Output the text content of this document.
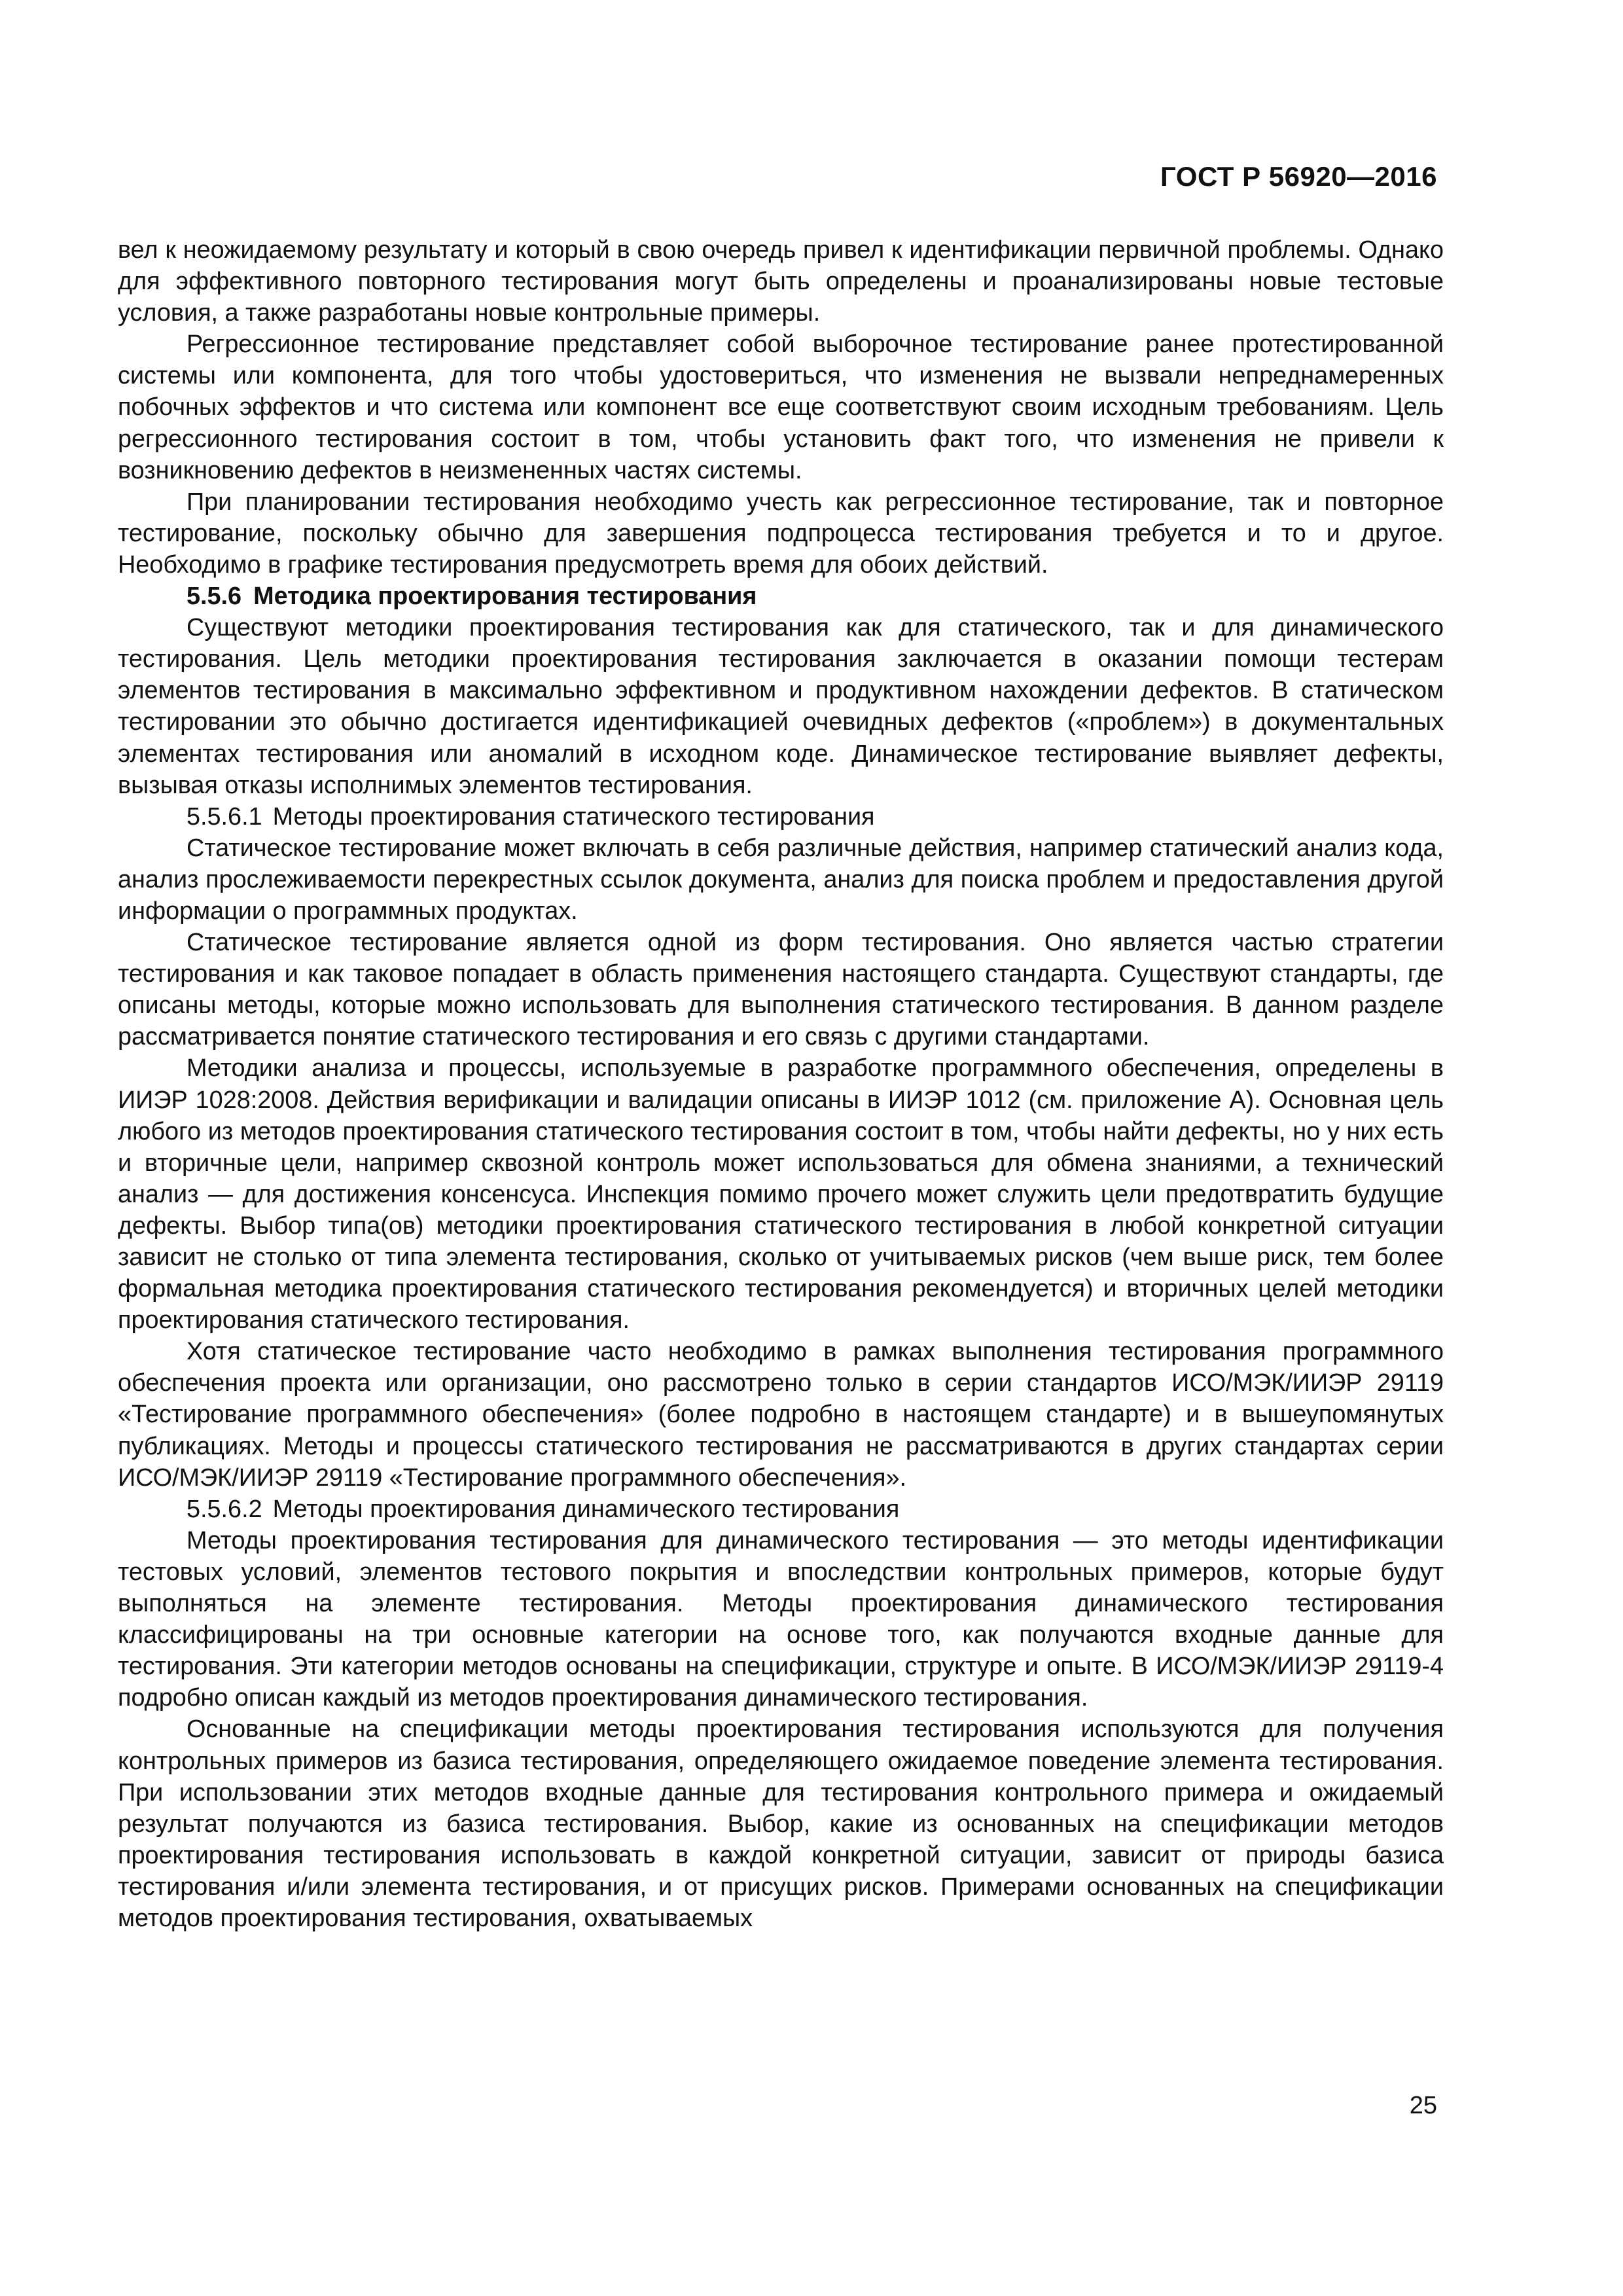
ГОСТ Р 56920—2016

вел к неожидаемому результату и который в свою очередь привел к идентификации первичной проблемы. Однако для эффективного повторного тестирования могут быть определены и проанализированы новые тестовые условия, а также разработаны новые контрольные примеры.

Регрессионное тестирование представляет собой выборочное тестирование ранее протестированной системы или компонента, для того чтобы удостовериться, что изменения не вызвали непреднамеренных побочных эффектов и что система или компонент все еще соответствуют своим исходным требованиям. Цель регрессионного тестирования состоит в том, чтобы установить факт того, что изменения не привели к возникновению дефектов в неизмененных частях системы.

При планировании тестирования необходимо учесть как регрессионное тестирование, так и повторное тестирование, поскольку обычно для завершения подпроцесса тестирования требуется и то и другое. Необходимо в графике тестирования предусмотреть время для обоих действий.

5.5.6 Методика проектирования тестирования

Существуют методики проектирования тестирования как для статического, так и для динамического тестирования. Цель методики проектирования тестирования заключается в оказании помощи тестерам элементов тестирования в максимально эффективном и продуктивном нахождении дефектов. В статическом тестировании это обычно достигается идентификацией очевидных дефектов («проблем») в документальных элементах тестирования или аномалий в исходном коде. Динамическое тестирование выявляет дефекты, вызывая отказы исполнимых элементов тестирования.

5.5.6.1 Методы проектирования статического тестирования

Статическое тестирование может включать в себя различные действия, например статический анализ кода, анализ прослеживаемости перекрестных ссылок документа, анализ для поиска проблем и предоставления другой информации о программных продуктах.

Статическое тестирование является одной из форм тестирования. Оно является частью стратегии тестирования и как таковое попадает в область применения настоящего стандарта. Существуют стандарты, где описаны методы, которые можно использовать для выполнения статического тестирования. В данном разделе рассматривается понятие статического тестирования и его связь с другими стандартами.

Методики анализа и процессы, используемые в разработке программного обеспечения, определены в ИИЭР 1028:2008. Действия верификации и валидации описаны в ИИЭР 1012 (см. приложение А). Основная цель любого из методов проектирования статического тестирования состоит в том, чтобы найти дефекты, но у них есть и вторичные цели, например сквозной контроль может использоваться для обмена знаниями, а технический анализ — для достижения консенсуса. Инспекция помимо прочего может служить цели предотвратить будущие дефекты. Выбор типа(ов) методики проектирования статического тестирования в любой конкретной ситуации зависит не столько от типа элемента тестирования, сколько от учитываемых рисков (чем выше риск, тем более формальная методика проектирования статического тестирования рекомендуется) и вторичных целей методики проектирования статического тестирования.

Хотя статическое тестирование часто необходимо в рамках выполнения тестирования программного обеспечения проекта или организации, оно рассмотрено только в серии стандартов ИСО/МЭК/ИИЭР 29119 «Тестирование программного обеспечения» (более подробно в настоящем стандарте) и в вышеупомянутых публикациях. Методы и процессы статического тестирования не рассматриваются в других стандартах серии ИСО/МЭК/ИИЭР 29119 «Тестирование программного обеспечения».

5.5.6.2 Методы проектирования динамического тестирования

Методы проектирования тестирования для динамического тестирования — это методы идентификации тестовых условий, элементов тестового покрытия и впоследствии контрольных примеров, которые будут выполняться на элементе тестирования. Методы проектирования динамического тестирования классифицированы на три основные категории на основе того, как получаются входные данные для тестирования. Эти категории методов основаны на спецификации, структуре и опыте. В ИСО/МЭК/ИИЭР 29119-4 подробно описан каждый из методов проектирования динамического тестирования.

Основанные на спецификации методы проектирования тестирования используются для получения контрольных примеров из базиса тестирования, определяющего ожидаемое поведение элемента тестирования. При использовании этих методов входные данные для тестирования контрольного примера и ожидаемый результат получаются из базиса тестирования. Выбор, какие из основанных на спецификации методов проектирования тестирования использовать в каждой конкретной ситуации, зависит от природы базиса тестирования и/или элемента тестирования, и от присущих рисков. Примерами основанных на спецификации методов проектирования тестирования, охватываемых

25
